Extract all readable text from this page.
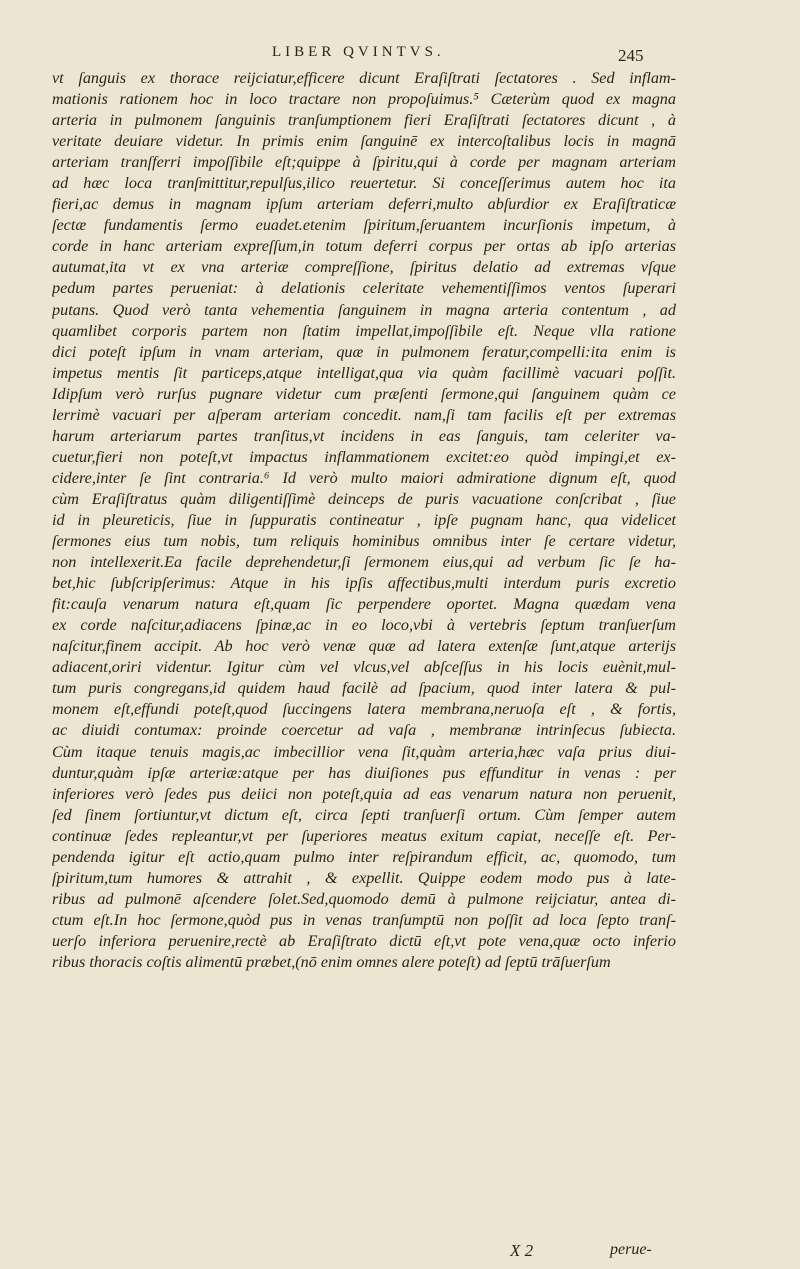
LIBER QVINTVS.	245
vt ſanguis ex thorace reijciatur,efficere dicunt Eraſiſtrati ſectatores . Sed inflam-
mationis rationem hoc in loco tractare non propoſuimus.⁵ Cæterùm quod ex magna
arteria in pulmonem ſanguinis tranſumptionem fieri Eraſiſtrati ſectatores dicunt , à
veritate deuiare videtur. In primis enim ſanguinē ex intercoſtalibus locis in magnā
arteriam tranſferri impoſſibile eſt;quippe à ſpiritu,qui à corde per magnam arteriam
ad hæc loca tranſmittitur,repulſus,ilico reuertetur. Si conceſſerimus autem hoc ita
fieri,ac demus in magnam ipſum arteriam deferri,multo abſurdior ex Eraſiſtraticæ
ſectæ fundamentis ſermo euadet.etenim ſpiritum,ſeruantem incurſionis impetum, à
corde in hanc arteriam expreſſum,in totum deferri corpus per ortas ab ipſo arterias
autumat,ita vt ex vna arteriæ compreſſione, ſpiritus delatio ad extremas vſque
pedum partes perueniat: à delationis celeritate vehementiſſimos ventos ſuperari
putans. Quod verò tanta vehementia ſanguinem in magna arteria contentum , ad
quamlibet corporis partem non ſtatim impellat,impoſſibile eſt. Neque vlla ratione
dici poteſt ipſum in vnam arteriam, quæ in pulmonem feratur,compelli:ita enim is
impetus mentis ſit particeps,atque intelligat,qua via quàm facillimè vacuari poſſit.
Idipſum verò rurſus pugnare videtur cum præſenti ſermone,qui ſanguinem quàm ce
lerrimè vacuari per aſperam arteriam concedit. nam,ſi tam facilis eſt per extremas
harum arteriarum partes tranſitus,vt incidens in eas ſanguis, tam celeriter va-
cuetur,fieri non poteſt,vt impactus inflammationem excitet:eo quòd impingi,et ex-
cidere,inter ſe ſint contraria.⁶ Id verò multo maiori admiratione dignum eſt, quod
cùm Eraſiſtratus quàm diligentiſſimè deinceps de puris vacuatione conſcribat , ſiue
id in pleureticis, ſiue in ſuppuratis contineatur , ipſe pugnam hanc, qua videlicet
ſermones eius tum nobis, tum reliquis hominibus omnibus inter ſe certare videtur,
non intellexerit.Ea facile deprehendetur,ſi ſermonem eius,qui ad verbum ſic ſe ha-
bet,hic ſubſcripſerimus: Atque in his ipſis affectibus,multi interdum puris excretio
fit:cauſa venarum natura eſt,quam ſic perpendere oportet. Magna quædam vena
ex corde naſcitur,adiacens ſpinæ,ac in eo loco,vbi à vertebris ſeptum tranſuerſum
naſcitur,finem accipit. Ab hoc verò venæ quæ ad latera extenſæ ſunt,atque arterijs
adiacent,oriri videntur. Igitur cùm vel vlcus,vel abſceſſus in his locis euènit,mul-
tum puris congregans,id quidem haud facilè ad ſpacium, quod inter latera & pul-
monem eſt,effundi poteſt,quod ſuccingens latera membrana,neruoſa eſt , & fortis,
ac diuidi contumax: proinde coercetur ad vaſa , membranæ intrinſecus ſubiecta.
Cùm itaque tenuis magis,ac imbecillior vena ſit,quàm arteria,hæc vaſa prius diui-
duntur,quàm ipſæ arteriæ:atque per has diuiſiones pus effunditur in venas : per
inferiores verò ſedes pus deiici non poteſt,quia ad eas venarum natura non peruenit,
ſed ſinem ſortiuntur,vt dictum eſt, circa ſepti tranſuerſi ortum. Cùm ſemper autem
continuæ ſedes repleantur,vt per ſuperiores meatus exitum capiat, neceſſe eſt. Per-
pendenda igitur eſt actio,quam pulmo inter reſpirandum efficit, ac, quomodo, tum
ſpiritum,tum humores & attrahit , & expellit. Quippe eodem modo pus à late-
ribus ad pulmonē aſcendere ſolet.Sed,quomodo demū à pulmone reijciatur, antea di-
ctum eſt.In hoc ſermone,quòd pus in venas tranſumptū non poſſit ad loca ſepto tranſ-
uerſo inferiora peruenire,rectè ab Eraſiſtrato dictū eſt,vt pote vena,quæ octo inferio
ribus thoracis coſtis alimentū præbet,(nō enim omnes alere poteſt) ad ſeptū trāſuerſum
X 2	perue-
